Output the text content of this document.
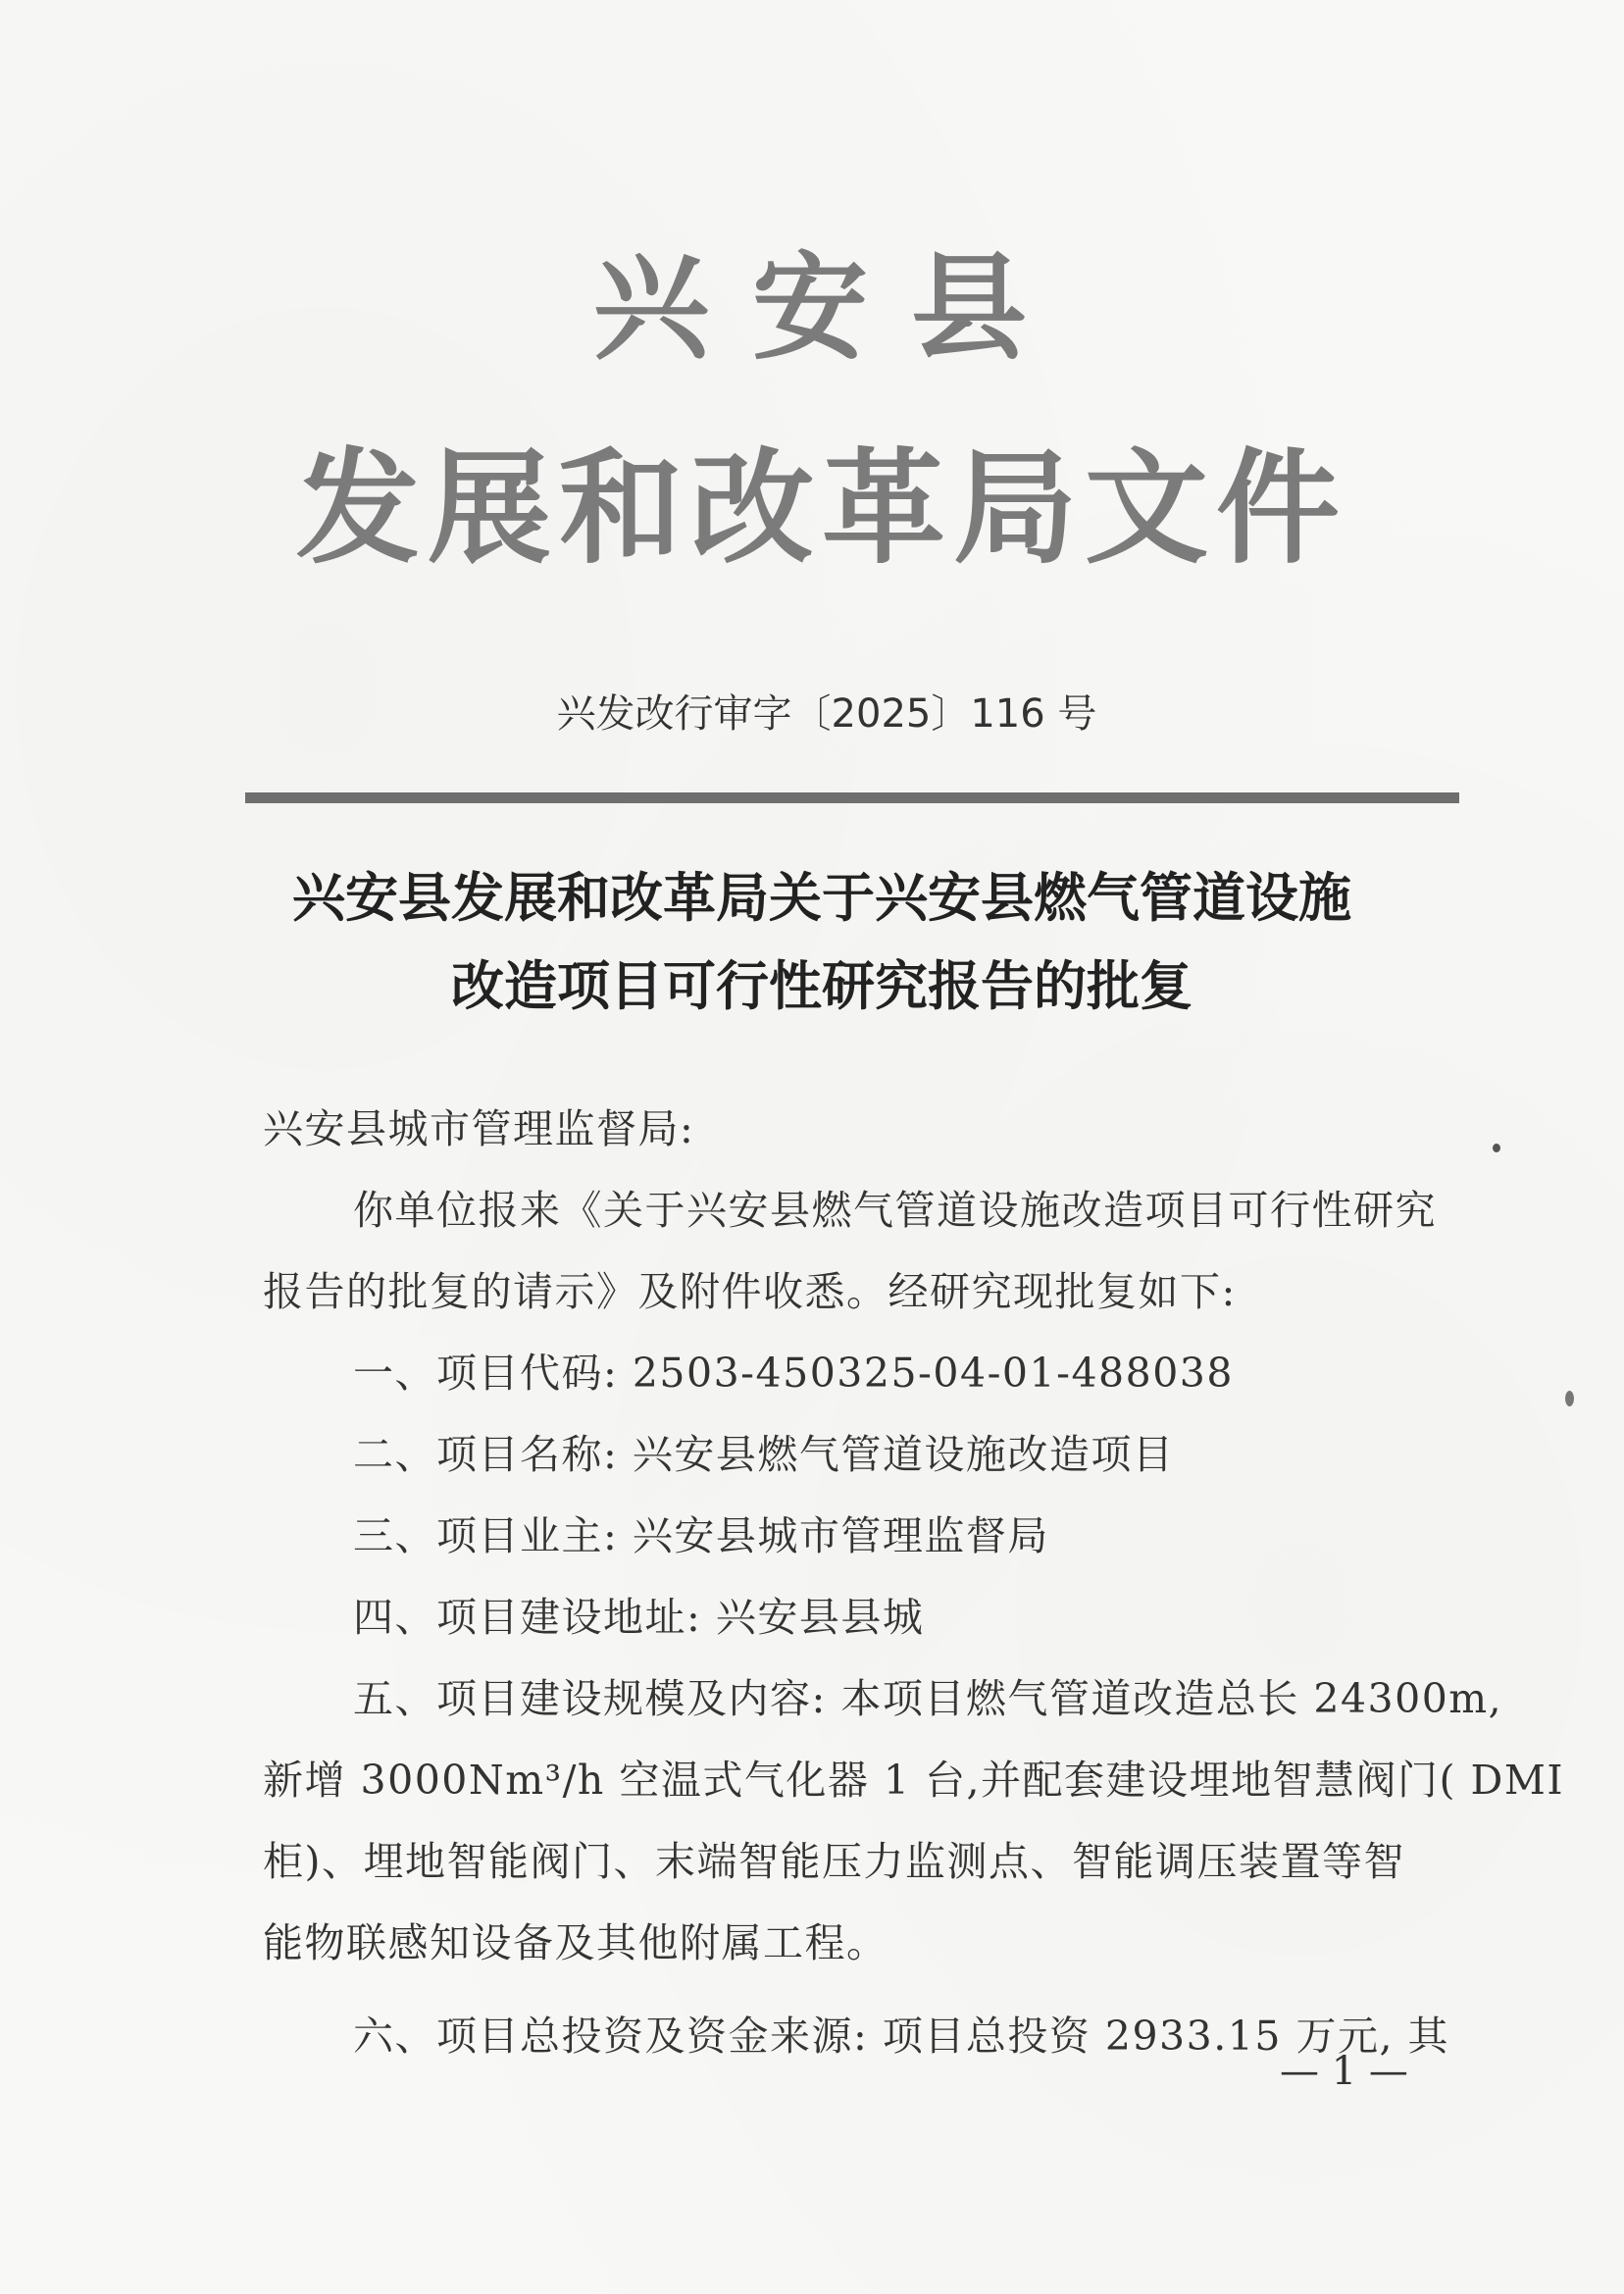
兴安县
发展和改革局文件
兴发改行审字〔2025〕116 号
兴安县发展和改革局关于兴安县燃气管道设施
改造项目可行性研究报告的批复

兴安县城市管理监督局:

你单位报来《关于兴安县燃气管道设施改造项目可行性研究

报告的批复的请示》及附件收悉。经研究现批复如下:

一、项目代码: 2503-450325-04-01-488038

二、项目名称: 兴安县燃气管道设施改造项目

三、项目业主: 兴安县城市管理监督局

四、项目建设地址: 兴安县县城

五、项目建设规模及内容: 本项目燃气管道改造总长 24300m,

新增 3000Nm³/h 空温式气化器 1 台,并配套建设埋地智慧阀门( DMI

柜)、埋地智能阀门、末端智能压力监测点、智能调压装置等智

能物联感知设备及其他附属工程。

六、项目总投资及资金来源: 项目总投资 2933.15 万元, 其

— 1 —
